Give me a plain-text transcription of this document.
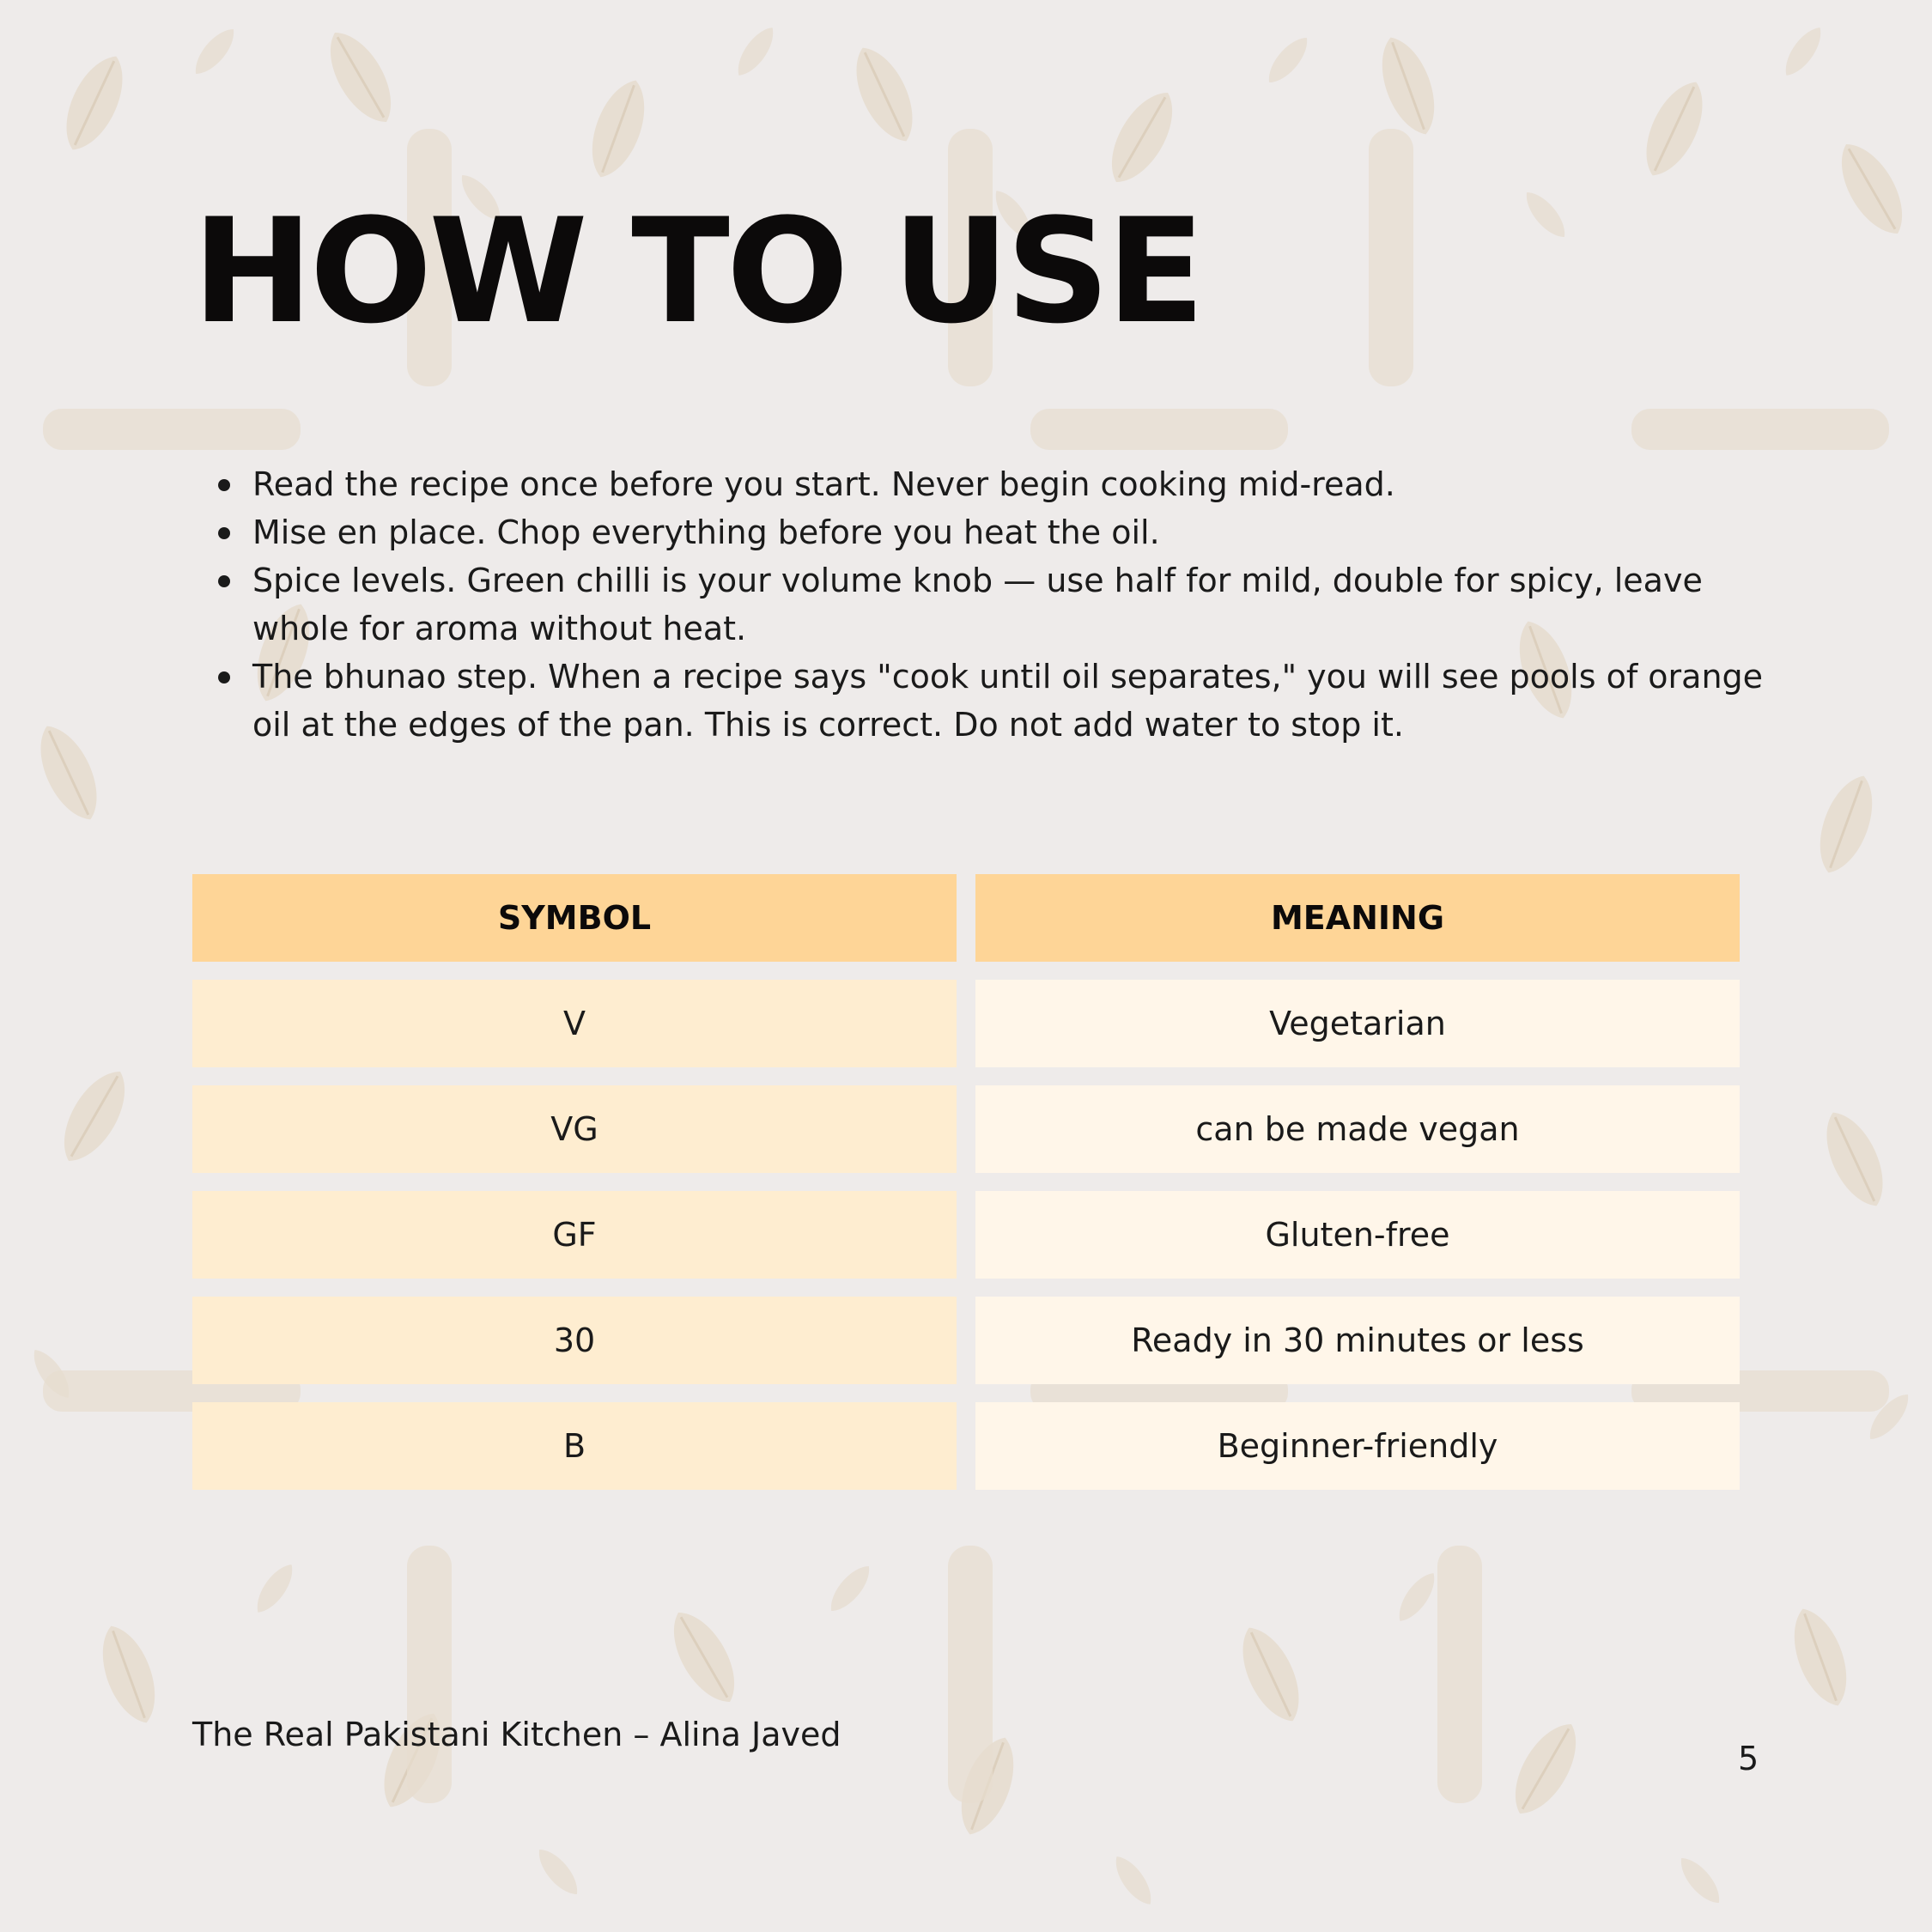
HOW TO USE
Read the recipe once before you start. Never begin cooking mid-read.
Mise en place. Chop everything before you heat the oil.
Spice levels. Green chilli is your volume knob — use half for mild, double for spicy, leave whole for aroma without heat.
The bhunao step. When a recipe says "cook until oil separates," you will see pools of orange oil at the edges of the pan. This is correct. Do not add water to stop it.
SYMBOL	MEANING
V	Vegetarian
VG	can be made vegan
GF	Gluten-free
30	Ready in 30 minutes or less
B	Beginner-friendly
The Real Pakistani Kitchen – Alina Javed
5
